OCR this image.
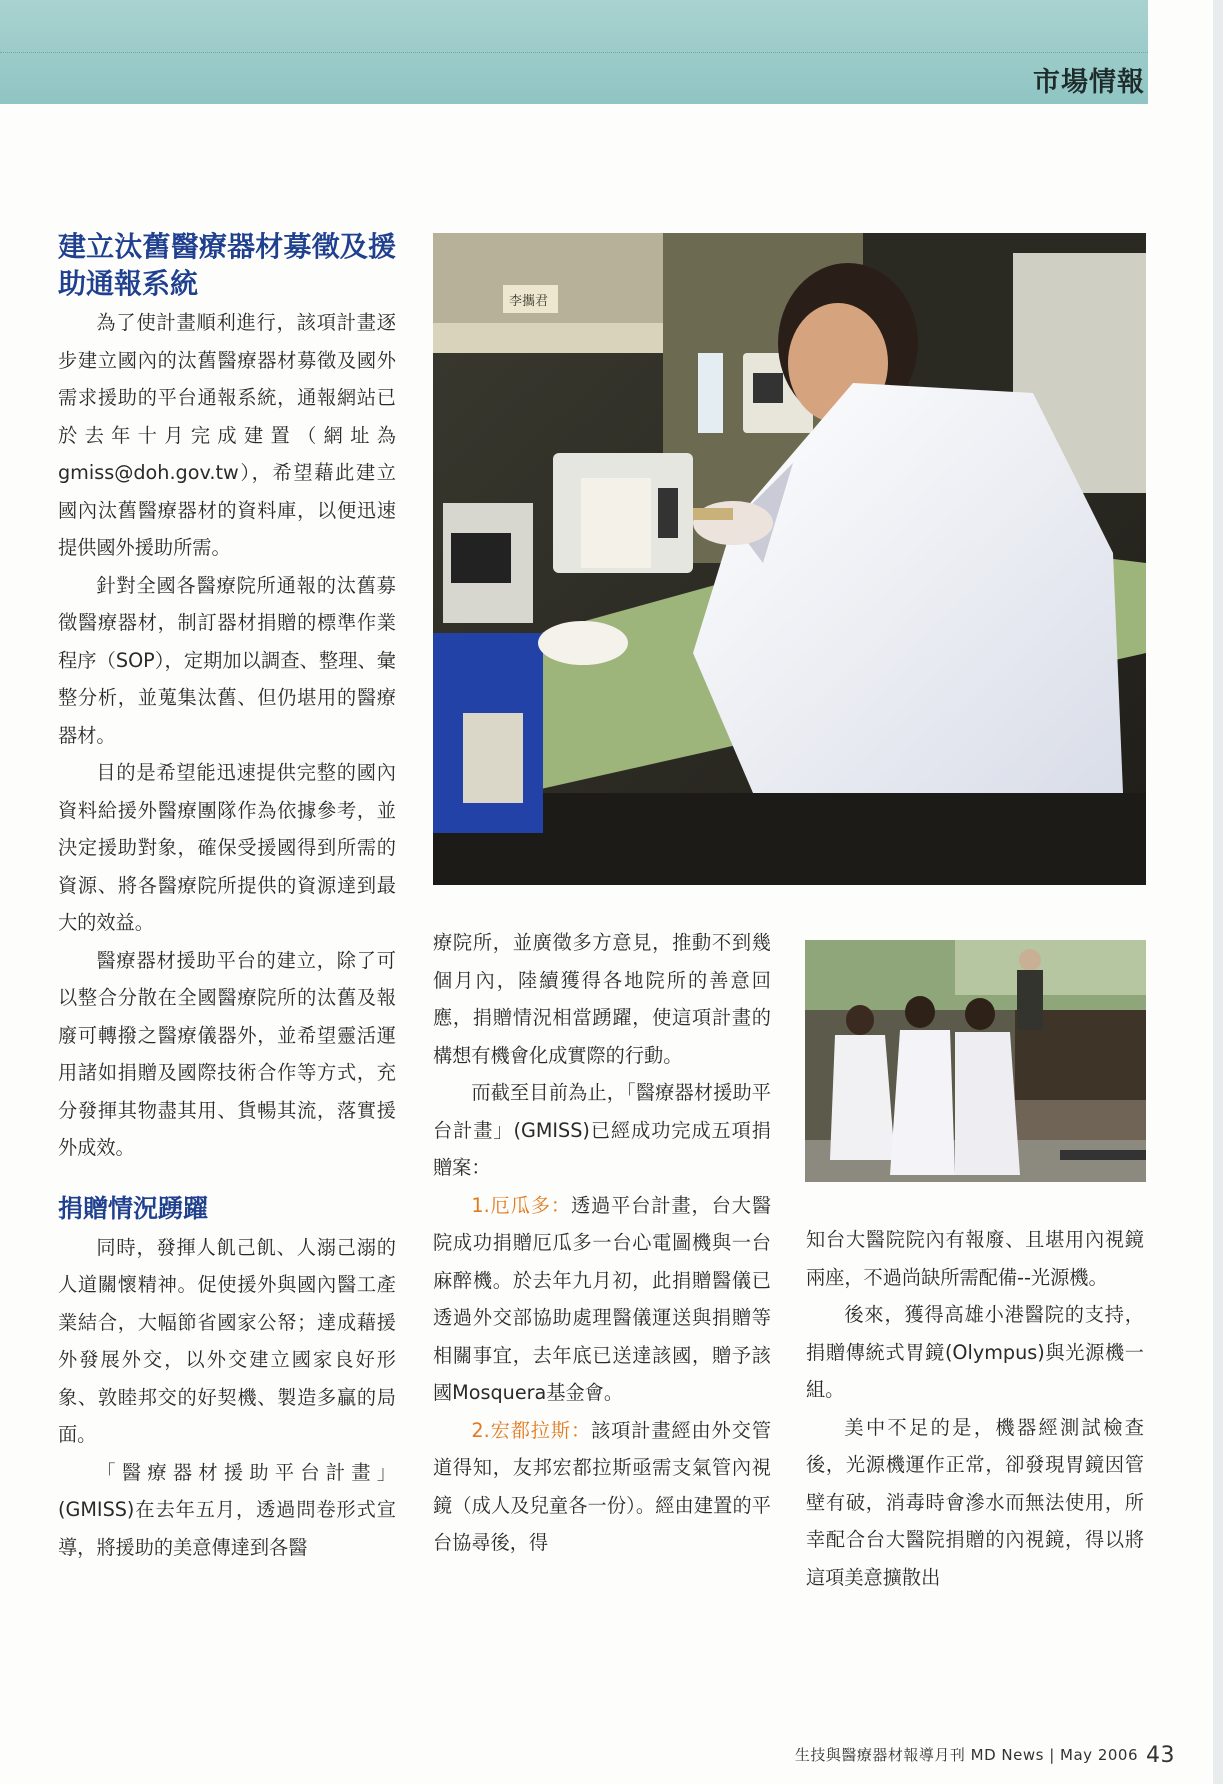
市場情報
建立汰舊醫療器材募徵及援助通報系統

為了使計畫順利進行，該項計畫逐步建立國內的汰舊醫療器材募徵及國外需求援助的平台通報系統，通報網站已於去年十月完成建置（網址為gmiss@doh.gov.tw），希望藉此建立國內汰舊醫療器材的資料庫，以便迅速提供國外援助所需。

針對全國各醫療院所通報的汰舊募徵醫療器材，制訂器材捐贈的標準作業程序（SOP），定期加以調查、整理、彙整分析，並蒐集汰舊、但仍堪用的醫療器材。

目的是希望能迅速提供完整的國內資料給援外醫療團隊作為依據參考，並決定援助對象，確保受援國得到所需的資源、將各醫療院所提供的資源達到最大的效益。

醫療器材援助平台的建立，除了可以整合分散在全國醫療院所的汰舊及報廢可轉撥之醫療儀器外，並希望靈活運用諸如捐贈及國際技術合作等方式，充分發揮其物盡其用、貨暢其流，落實援外成效。

捐贈情況踴躍

同時，發揮人飢己飢、人溺己溺的人道關懷精神。促使援外與國內醫工產業結合，大幅節省國家公帑；達成藉援外發展外交，以外交建立國家良好形象、敦睦邦交的好契機、製造多贏的局面。

「醫療器材援助平台計畫」(GMISS)在去年五月，透過問卷形式宣導，將援助的美意傳達到各醫

李攜君

療院所，並廣徵多方意見，推動不到幾個月內，陸續獲得各地院所的善意回應，捐贈情況相當踴躍，使這項計畫的構想有機會化成實際的行動。

而截至目前為止，「醫療器材援助平台計畫」(GMISS)已經成功完成五項捐贈案：

1.厄瓜多：透過平台計畫，台大醫院成功捐贈厄瓜多一台心電圖機與一台麻醉機。於去年九月初，此捐贈醫儀已透過外交部協助處理醫儀運送與捐贈等相關事宜，去年底已送達該國，贈予該國Mosquera基金會。

2.宏都拉斯：該項計畫經由外交管道得知，友邦宏都拉斯亟需支氣管內視鏡（成人及兒童各一份）。經由建置的平台協尋後，得

知台大醫院院內有報廢、且堪用內視鏡兩座，不過尚缺所需配備--光源機。

後來，獲得高雄小港醫院的支持，捐贈傳統式胃鏡(Olympus)與光源機一組。

美中不足的是，機器經測試檢查後，光源機運作正常，卻發現胃鏡因管壁有破，消毒時會滲水而無法使用，所幸配合台大醫院捐贈的內視鏡，得以將這項美意擴散出

生技與醫療器材報導月刊 MD News | May 2006 43
